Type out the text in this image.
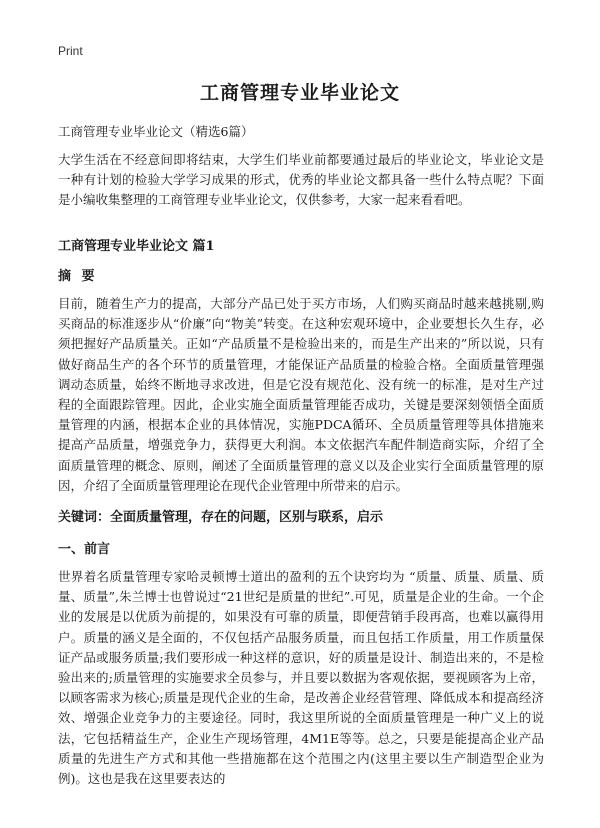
Print
工商管理专业毕业论文
工商管理专业毕业论文（精选6篇）
大学生活在不经意间即将结束，大学生们毕业前都要通过最后的毕业论文，毕业论文是一种有计划的检验大学学习成果的形式，优秀的毕业论文都具备一些什么特点呢？下面是小编收集整理的工商管理专业毕业论文，仅供参考，大家一起来看看吧。
工商管理专业毕业论文 篇1
摘 要
目前，随着生产力的提高，大部分产品已处于买方市场，人们购买商品时越来越挑剔,购买商品的标准逐步从“价廉”向“物美”转变。在这种宏观环境中，企业要想长久生存，必须把握好产品质量关。正如“产品质量不是检验出来的，而是生产出来的”所以说，只有做好商品生产的各个环节的质量管理，才能保证产品质量的检验合格。全面质量管理强调动态质量，始终不断地寻求改进，但是它没有规范化、没有统一的标准，是对生产过程的全面跟踪管理。因此，企业实施全面质量管理能否成功，关键是要深刻领悟全面质量管理的内涵，根据本企业的具体情况，实施PDCA循环、全员质量管理等具体措施来提高产品质量，增强竞争力，获得更大利润。本文依据汽车配件制造商实际，介绍了全面质量管理的概念、原则，阐述了全面质量管理的意义以及企业实行全面质量管理的原因，介绍了全面质量管理理论在现代企业管理中所带来的启示。
关键词：全面质量管理，存在的问题，区别与联系，启示
一、前言
世界着名质量管理专家哈灵顿博士道出的盈利的五个诀窍均为 “质量、质量、质量、质量、质量”,朱兰博士也曾说过“21世纪是质量的世纪”.可见，质量是企业的生命。一个企业的发展是以优质为前提的，如果没有可靠的质量，即便营销手段再高，也难以赢得用户。质量的涵义是全面的，不仅包括产品服务质量，而且包括工作质量，用工作质量保证产品或服务质量;我们要形成一种这样的意识，好的质量是设计、制造出来的，不是检验出来的;质量管理的实施要求全员参与，并且要以数据为客观依据，要视顾客为上帝，以顾客需求为核心;质量是现代企业的生命，是改善企业经营管理、降低成本和提高经济效、增强企业竞争力的主要途径。同时，我这里所说的全面质量管理是一种广义上的说法，它包括精益生产，企业生产现场管理，4M1E等等。总之，只要是能提高企业产品质量的先进生产方式和其他一些措施都在这个范围之内(这里主要以生产制造型企业为例)。这也是我在这里要表达的
